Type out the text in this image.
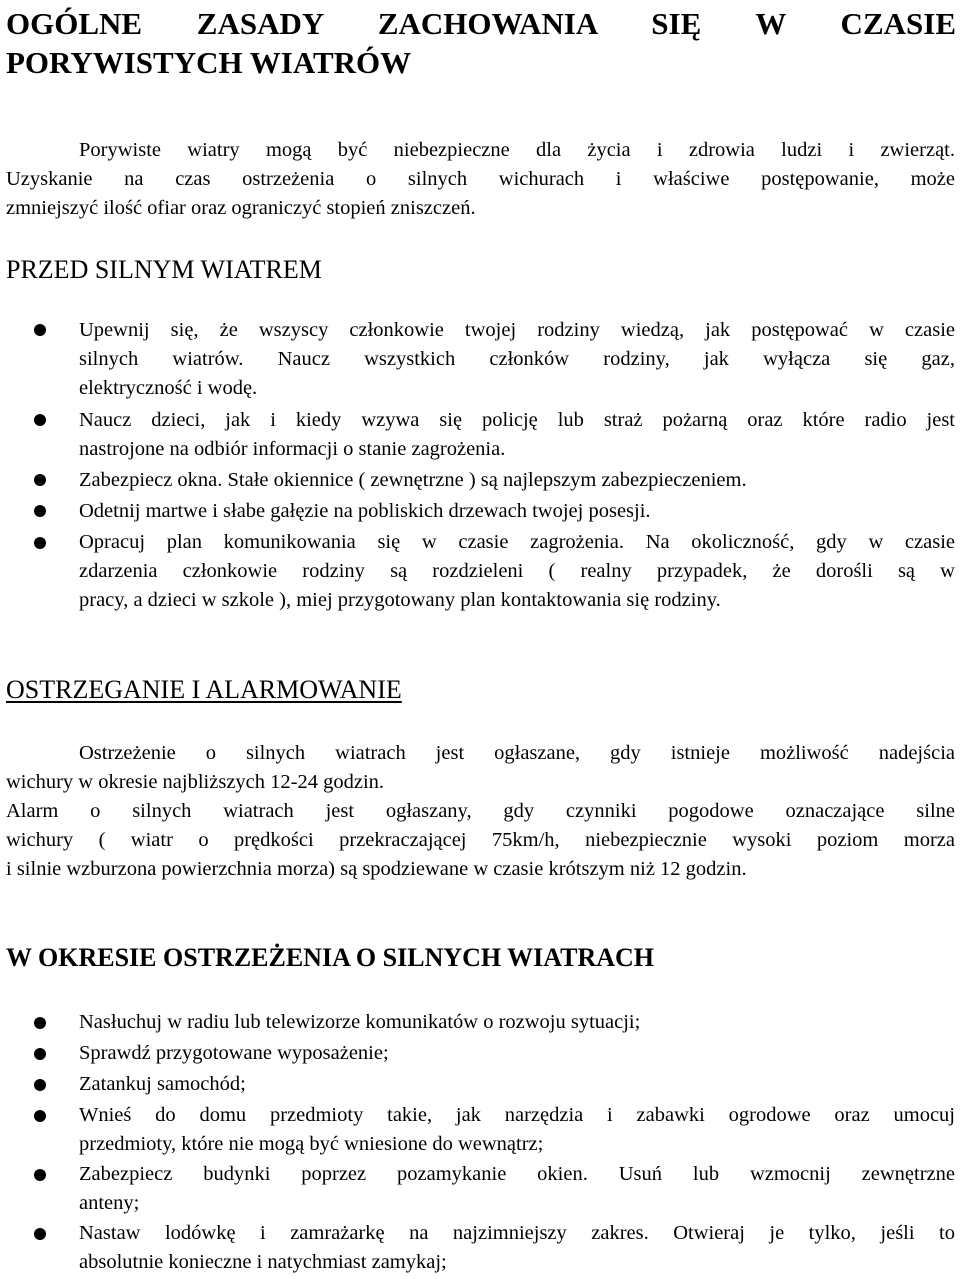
OGÓLNE ZASADY ZACHOWANIA SIĘ W CZASIE
PORYWISTYCH WIATRÓW
Porywiste wiatry mogą być niebezpieczne dla życia i zdrowia ludzi i zwierząt.
Uzyskanie na czas ostrzeżenia o silnych wichurach i właściwe postępowanie, może
zmniejszyć ilość ofiar oraz ograniczyć stopień zniszczeń.
PRZED SILNYM WIATREM
Upewnij się, że wszyscy członkowie twojej rodziny wiedzą, jak postępować w czasie
silnych wiatrów. Naucz wszystkich członków rodziny, jak wyłącza się gaz,
elektryczność i wodę.
Naucz dzieci, jak i kiedy wzywa się policję lub straż pożarną oraz które radio jest
nastrojone na odbiór informacji o stanie zagrożenia.
Zabezpiecz okna. Stałe okiennice ( zewnętrzne ) są najlepszym zabezpieczeniem.
Odetnij martwe i słabe gałęzie na pobliskich drzewach twojej posesji.
Opracuj plan komunikowania się w czasie zagrożenia. Na okoliczność, gdy w czasie
zdarzenia członkowie rodziny są rozdzieleni ( realny przypadek, że dorośli są w
pracy, a dzieci w szkole ), miej przygotowany plan kontaktowania się rodziny.
OSTRZEGANIE I ALARMOWANIE
Ostrzeżenie o silnych wiatrach jest ogłaszane, gdy istnieje możliwość nadejścia
wichury w okresie najbliższych 12-24 godzin.
Alarm o silnych wiatrach jest ogłaszany, gdy czynniki pogodowe oznaczające silne
wichury ( wiatr o prędkości przekraczającej 75km/h, niebezpiecznie wysoki poziom morza
i silnie wzburzona powierzchnia morza) są spodziewane w czasie krótszym niż 12 godzin.
W OKRESIE OSTRZEŻENIA O SILNYCH WIATRACH
Nasłuchuj w radiu lub telewizorze komunikatów o rozwoju sytuacji;
Sprawdź przygotowane wyposażenie;
Zatankuj samochód;
Wnieś do domu przedmioty takie, jak narzędzia i zabawki ogrodowe oraz umocuj
przedmioty, które nie mogą być wniesione do wewnątrz;
Zabezpiecz budynki poprzez pozamykanie okien. Usuń lub wzmocnij zewnętrzne
anteny;
Nastaw lodówkę i zamrażarkę na najzimniejszy zakres. Otwieraj je tylko, jeśli to
absolutnie konieczne i natychmiast zamykaj;
